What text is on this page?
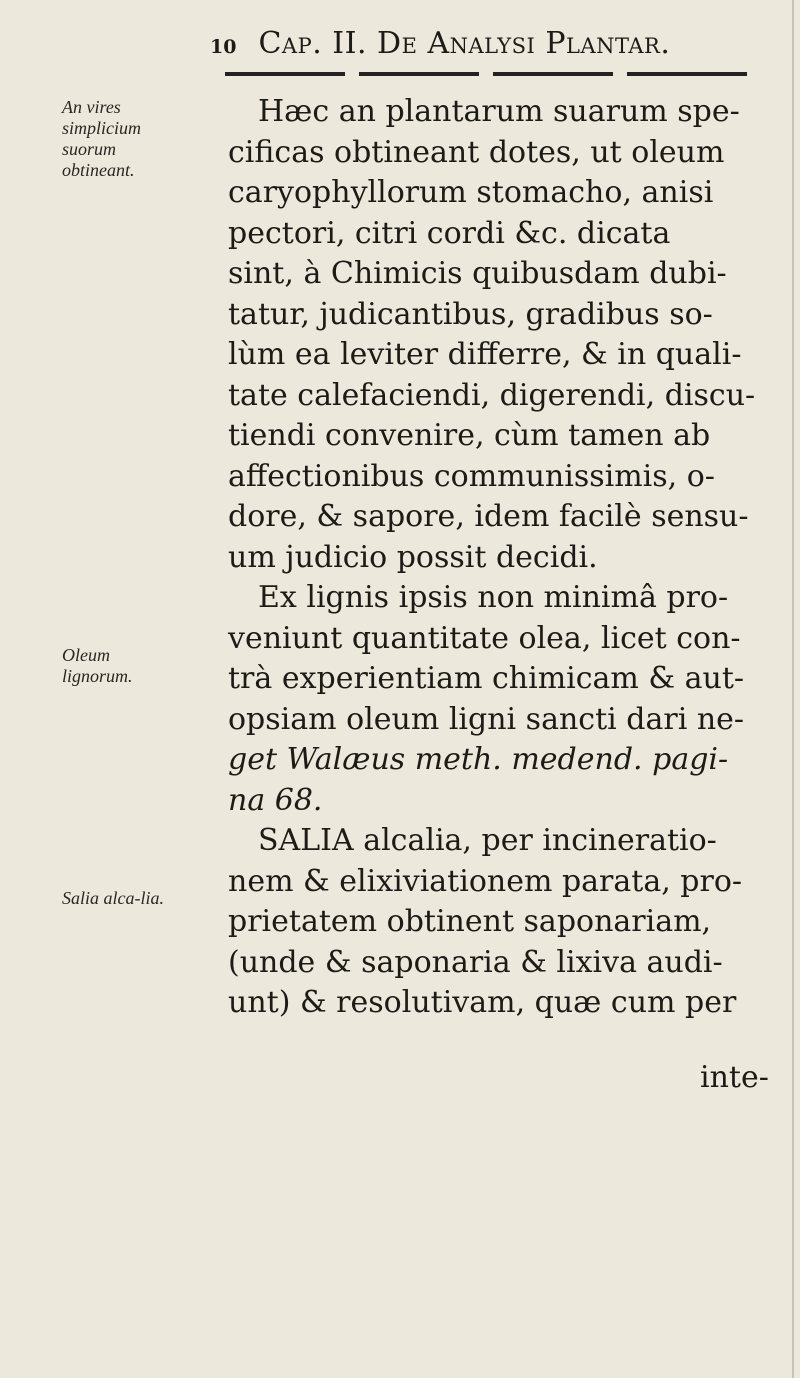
10 Cap. II. De Analysi Plantar.
An vires simplicium suorum obtineant.
Oleum lignorum.
Salia alca-lia.
Hæc an plantarum suarum spe-
cificas obtineant dotes, ut oleum
caryophyllorum stomacho, anisi
pectori, citri cordi &c. dicata
sint, à Chimicis quibusdam dubi-
tatur, judicantibus, gradibus so-
lùm ea leviter differre, & in quali-
tate calefaciendi, digerendi, discu-
tiendi convenire, cùm tamen ab
affectionibus communissimis, o-
dore, & sapore, idem facilè sensu-
um judicio possit decidi.
Ex lignis ipsis non minimâ pro-
veniunt quantitate olea, licet con-
trà experientiam chimicam & aut-
opsiam oleum ligni sancti dari ne-
get Walæus meth. medend. pagi-
na 68.
SALIA alcalia, per incineratio-
nem & elixiviationem parata, pro-
prietatem obtinent saponariam,
(unde & saponaria & lixiva audi-
unt) & resolutivam, quæ cum per
inte-
